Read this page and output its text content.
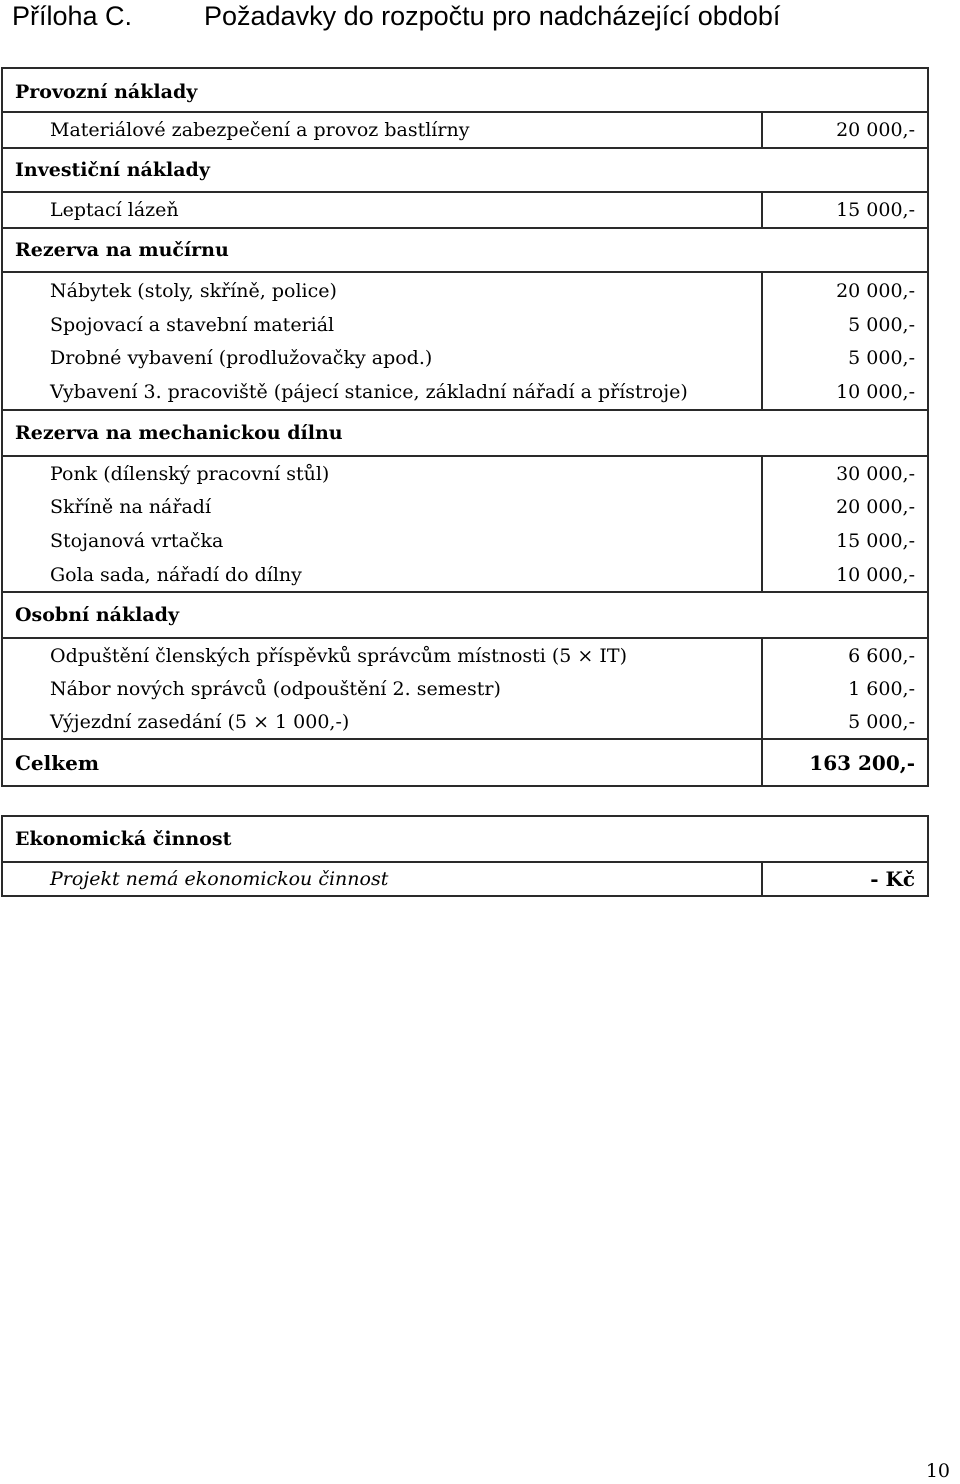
Příloha C.	Požadavky do rozpočtu pro nadcházející období
Provozní náklady	
Materiálové zabezpečení a provoz bastlírny	20 000,-
Investiční náklady	
Leptací lázeň	15 000,-
Rezerva na mučírnu	
Nábytek (stoly, skříně, police)	20 000,-
Spojovací a stavební materiál	5 000,-
Drobné vybavení (prodlužovačky apod.)	5 000,-
Vybavení 3. pracoviště (pájecí stanice, základní nářadí a přístroje)	10 000,-
Rezerva na mechanickou dílnu	
Ponk (dílenský pracovní stůl)	30 000,-
Skříně na nářadí	20 000,-
Stojanová vrtačka	15 000,-
Gola sada, nářadí do dílny	10 000,-
Osobní náklady	
Odpuštění členských příspěvků správcům místnosti (5 × IT)	6 600,-
Nábor nových správců (odpouštění 2. semestr)	1 600,-
Výjezdní zasedání (5 × 1 000,-)	5 000,-
Celkem	163 200,-
Ekonomická činnost
Projekt nemá ekonomickou činnost	- Kč
10
